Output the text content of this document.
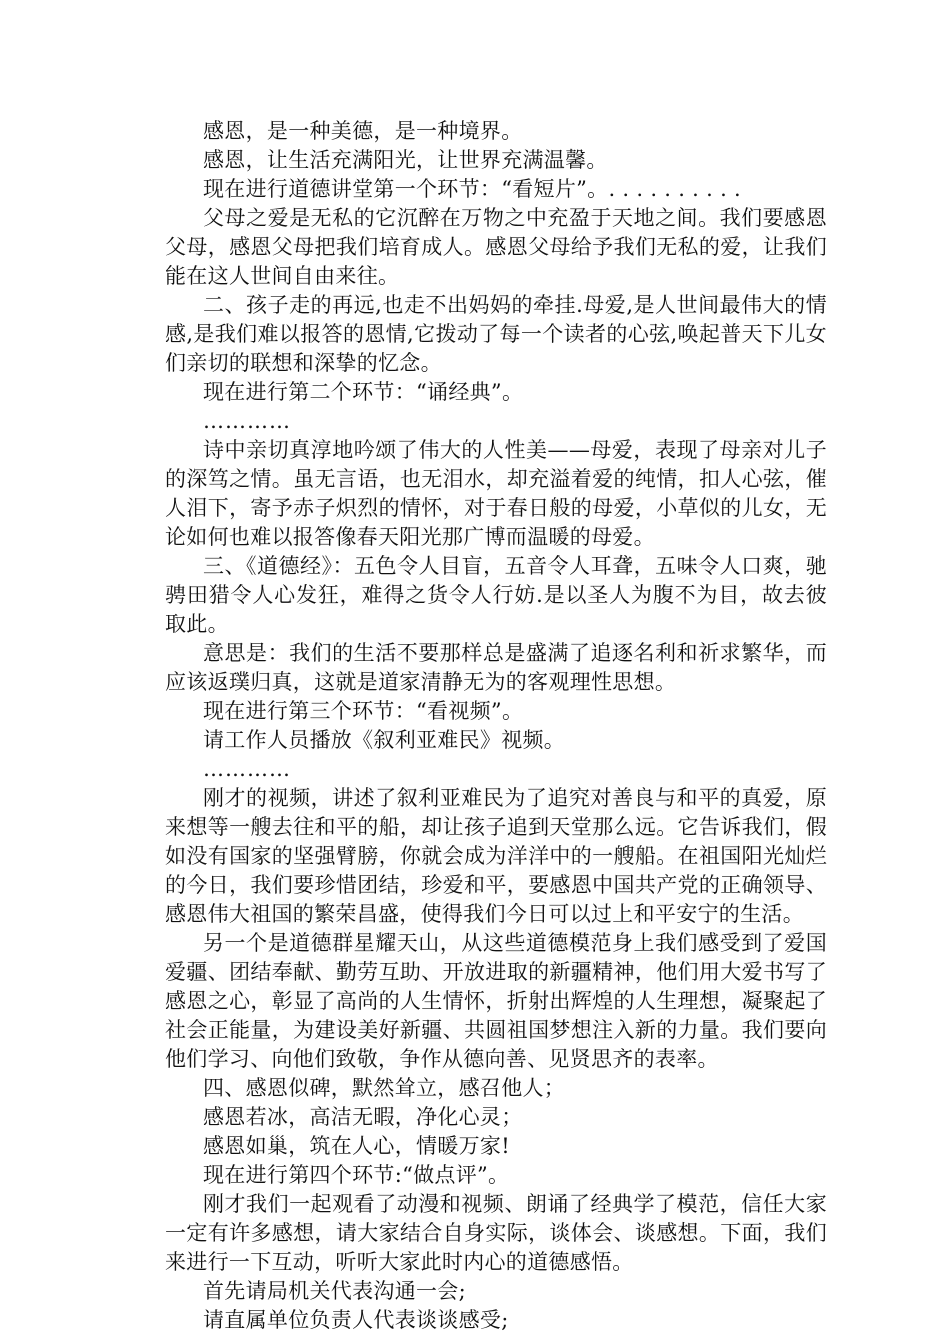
感恩，是一种美德，是一种境界。

感恩，让生活充满阳光，让世界充满温馨。

现在进行道德讲堂第一个环节：“看短片”。. . . . . . . . . .

父母之爱是无私的它沉醉在万物之中充盈于天地之间。我们要感恩父母，感恩父母把我们培育成人。感恩父母给予我们无私的爱，让我们能在这人世间自由来往。

二、孩子走的再远,也走不出妈妈的牵挂.母爱,是人世间最伟大的情感,是我们难以报答的恩情,它拨动了每一个读者的心弦,唤起普天下儿女们亲切的联想和深挚的忆念。

现在进行第二个环节：“诵经典”。

…………

诗中亲切真淳地吟颂了伟大的人性美——母爱，表现了母亲对儿子的深笃之情。虽无言语，也无泪水，却充溢着爱的纯情，扣人心弦，催人泪下，寄予赤子炽烈的情怀，对于春日般的母爱，小草似的儿女，无论如何也难以报答像春天阳光那广博而温暖的母爱。

三、《道德经》：五色令人目盲，五音令人耳聋，五味令人口爽，驰骋田猎令人心发狂，难得之货令人行妨.是以圣人为腹不为目，故去彼取此。

意思是：我们的生活不要那样总是盛满了追逐名利和祈求繁华，而应该返璞归真，这就是道家清静无为的客观理性思想。

现在进行第三个环节：“看视频”。

请工作人员播放《叙利亚难民》视频。

…………

刚才的视频，讲述了叙利亚难民为了追究对善良与和平的真爱，原来想等一艘去往和平的船，却让孩子追到天堂那么远。它告诉我们，假如没有国家的坚强臂膀，你就会成为洋洋中的一艘船。在祖国阳光灿烂的今日，我们要珍惜团结，珍爱和平，要感恩中国共产党的正确领导、感恩伟大祖国的繁荣昌盛，使得我们今日可以过上和平安宁的生活。

另一个是道德群星耀天山，从这些道德模范身上我们感受到了爱国爱疆、团结奉献、勤劳互助、开放进取的新疆精神，他们用大爱书写了感恩之心，彰显了高尚的人生情怀，折射出辉煌的人生理想，凝聚起了社会正能量，为建设美好新疆、共圆祖国梦想注入新的力量。我们要向他们学习、向他们致敬，争作从德向善、见贤思齐的表率。

四、感恩似碑，默然耸立，感召他人；

感恩若冰，高洁无暇，净化心灵；

感恩如巢，筑在人心，情暖万家!

现在进行第四个环节:“做点评”。

刚才我们一起观看了动漫和视频、朗诵了经典学了模范，信任大家一定有许多感想，请大家结合自身实际，谈体会、谈感想。下面，我们来进行一下互动，听听大家此时内心的道德感悟。

首先请局机关代表沟通一会;

请直属单位负责人代表谈谈感受;
